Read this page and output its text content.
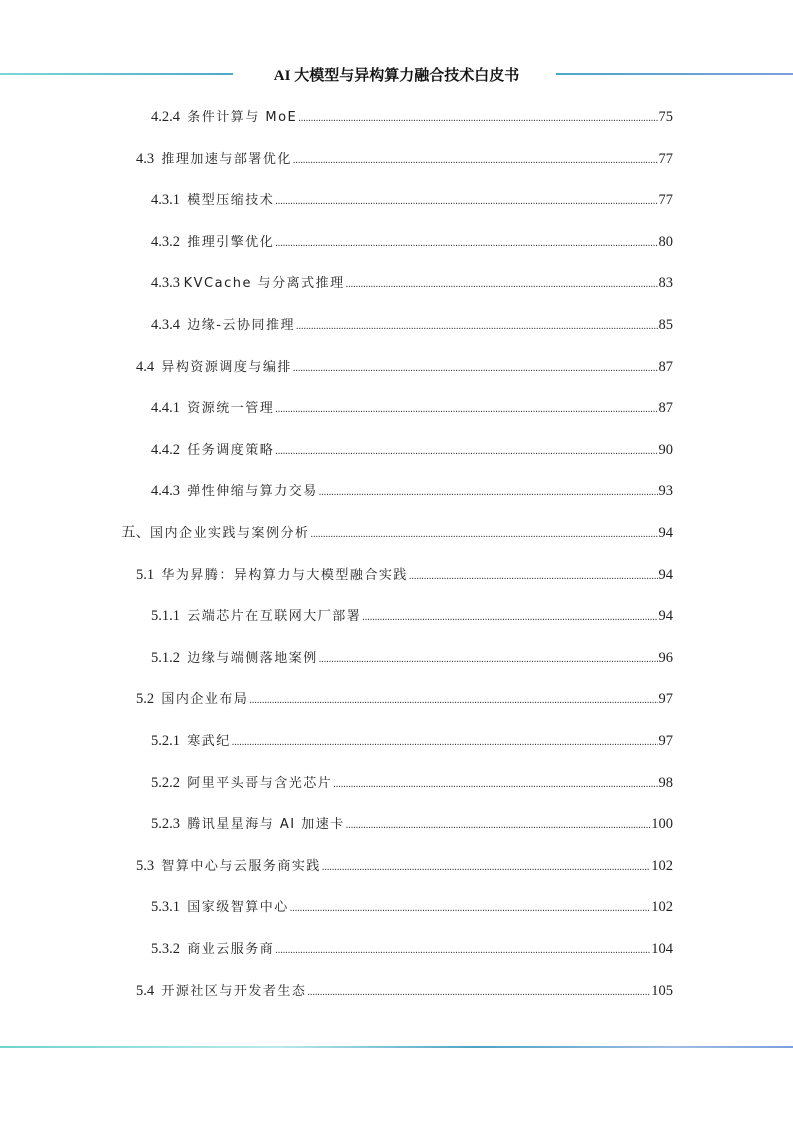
AI 大模型与异构算力融合技术白皮书
4.2.4 条件计算与 MoE .....	75
4.3 推理加速与部署优化 .....	77
4.3.1 模型压缩技术 .....	77
4.3.2 推理引擎优化 .....	80
4.3.3 KVCache 与分离式推理 .....	83
4.3.4 边缘-云协同推理 .....	85
4.4 异构资源调度与编排 .....	87
4.4.1 资源统一管理 .....	87
4.4.2 任务调度策略 .....	90
4.4.3 弹性伸缩与算力交易 .....	93
五、 国内企业实践与案例分析 .....	94
5.1 华为昇腾：异构算力与大模型融合实践 .....	94
5.1.1 云端芯片在互联网大厂部署 .....	94
5.1.2 边缘与端侧落地案例 .....	96
5.2 国内企业布局 .....	97
5.2.1 寒武纪 .....	97
5.2.2 阿里平头哥与含光芯片 .....	98
5.2.3 腾讯星星海与 AI 加速卡 .....	100
5.3 智算中心与云服务商实践 .....	102
5.3.1 国家级智算中心 .....	102
5.3.2 商业云服务商 .....	104
5.4 开源社区与开发者生态 .....	105
